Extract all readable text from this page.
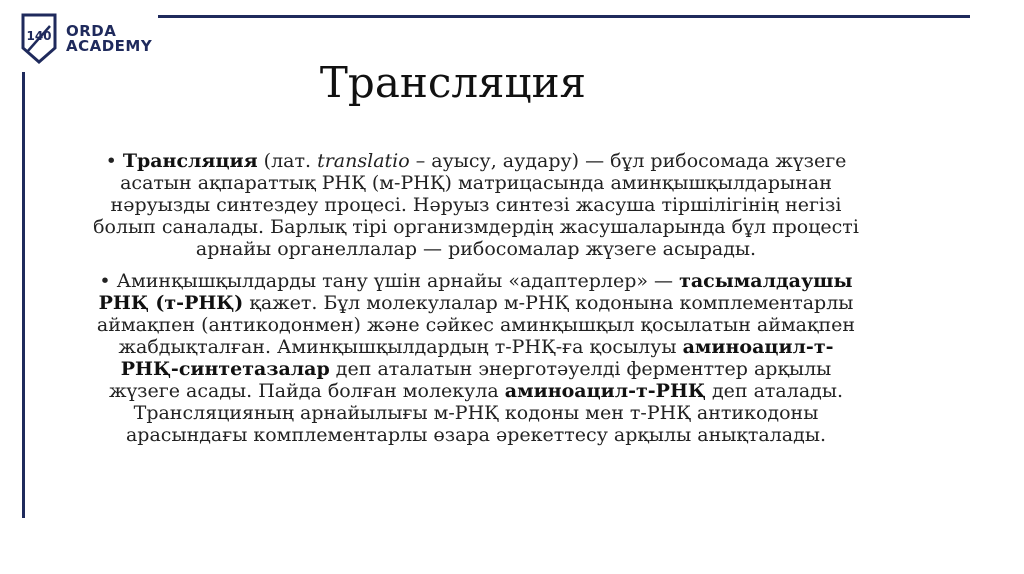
140 ORDA
ACADEMY
Трансляция

• Трансляция (лат. translatio – ауысу, аудару) — бұл рибосомада жүзеге асатын ақпараттық РНҚ (м-РНҚ) матрицасында аминқышқылдарынан нәруызды синтездеу процесі. Нәруыз синтезі жасуша тіршілігінің негізі болып саналады. Барлық тірі организмдердің жасушаларында бұл процесті арнайы органеллалар — рибосомалар жүзеге асырады.

• Аминқышқылдарды тану үшін арнайы «адаптерлер» — тасымалдаушы РНҚ (т-РНҚ) қажет. Бұл молекулалар м-РНҚ кодонына комплементарлы аймақпен (антикодонмен) және сәйкес аминқышқыл қосылатын аймақпен жабдықталған. Аминқышқылдардың т-РНҚ-ға қосылуы аминоацил-т-РНҚ-синтетазалар деп аталатын энерготәуелді ферменттер арқылы жүзеге асады. Пайда болған молекула аминоацил-т-РНҚ деп аталады. Трансляцияның арнайылығы м-РНҚ кодоны мен т-РНҚ антикодоны арасындағы комплементарлы өзара әрекеттесу арқылы анықталады.
